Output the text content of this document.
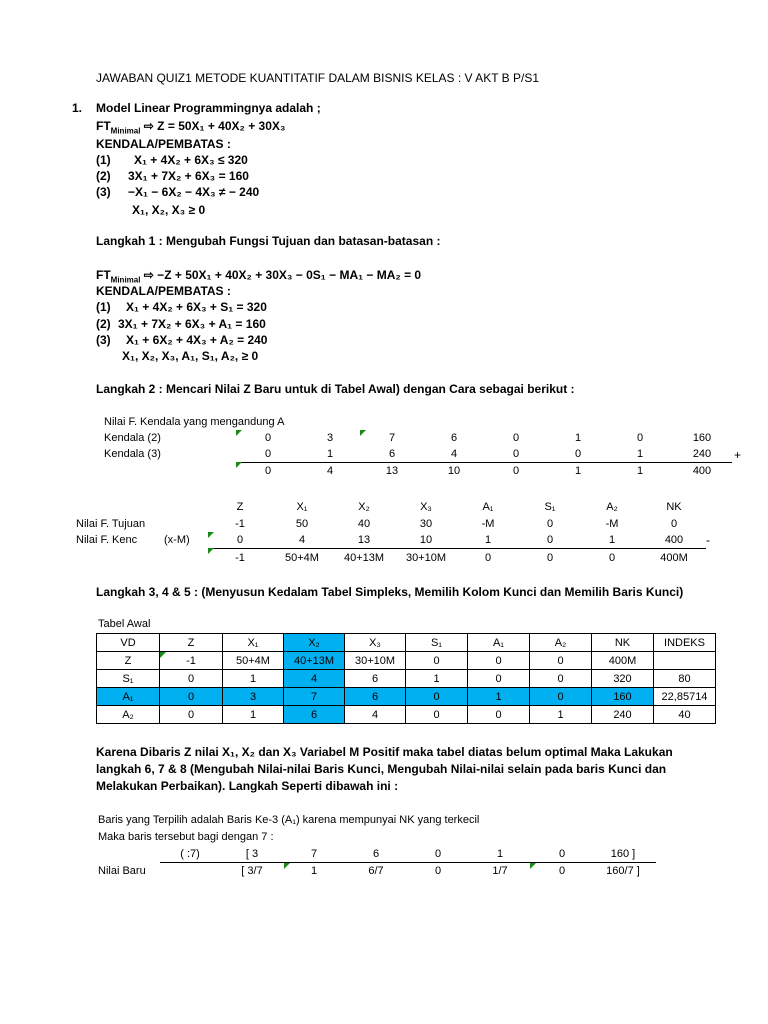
JAWABAN QUIZ1 METODE KUANTITATIF DALAM BISNIS KELAS : V AKT B P/S1
1. Model Linear Programmingnya adalah ;
$FT_{Minimal}$ ⇨ Z = 50X₁ + 40X₂ + 30X₃
KENDALA/PEMBATAS :
(1) X₁ + 4X₂ + 6X₃ ≤ 320
(2) 3X₁ + 7X₂ + 6X₃ = 160
(3) −X₁ − 6X₂ − 4X₃ ≠ − 240
X₁, X₂, X₃ ≥ 0
Langkah 1 : Mengubah Fungsi Tujuan dan batasan-batasan :
$FT_{Minimal}$ ⇨ −Z + 50X₁ + 40X₂ + 30X₃ − 0S₁ − MA₁ − MA₂ = 0
KENDALA/PEMBATAS :
(1) X₁ + 4X₂ + 6X₃ + S₁ = 320
(2) 3X₁ + 7X₂ + 6X₃ + A₁ = 160
(3) X₁ + 6X₂ + 4X₃ + A₂ = 240
X₁, X₂, X₃, A₁, S₁, A₂, ≥ 0
Langkah 2 : Mencari Nilai Z Baru untuk di Tabel Awal) dengan Cara sebagai berikut :
Nilai F. Kendala yang mengandung A
Kendala (2)	0	3	7	6	0	1	0	160
Kendala (3)	0	1	6	4	0	0	1	240	+
0	4	13	10	0	1	1	400
Z	X₁	X₂	X₃	A₁	S₁	A₂	NK
Nilai F. Tujuan	-1	50	40	30	-M	0	-M	0
Nilai F. Kenc (x-M)	0	4	13	10	1	0	1	400	-
-1	50+4M	40+13M	30+10M	0	0	0	400M
Langkah 3, 4 & 5 : (Menyusun Kedalam Tabel Simpleks, Memilih Kolom Kunci dan Memilih Baris Kunci)
Tabel Awal
VD	Z	X₁	X₂	X₃	S₁	A₁	A₂	NK	INDEKS
Z	-1	50+4M	40+13M	30+10M	0	0	0	400M	
S₁	0	1	4	6	1	0	0	320	80
A₁	0	3	7	6	0	1	0	160	22,85714
A₂	0	1	6	4	0	0	1	240	40
Karena Dibaris Z nilai X₁, X₂ dan X₃ Variabel M Positif maka tabel diatas belum optimal Maka Lakukan
langkah 6, 7 & 8 (Mengubah Nilai-nilai Baris Kunci, Mengubah Nilai-nilai selain pada baris Kunci dan
Melakukan Perbaikan). Langkah Seperti dibawah ini :
Baris yang Terpilih adalah Baris Ke-3 (A₁) karena mempunyai NK yang terkecil
Maka baris tersebut bagi dengan 7 :
( :7)	[ 3	7	6	0	1	0	160 ]
Nilai Baru	[ 3/7	1	6/7	0	1/7	0	160/7 ]
